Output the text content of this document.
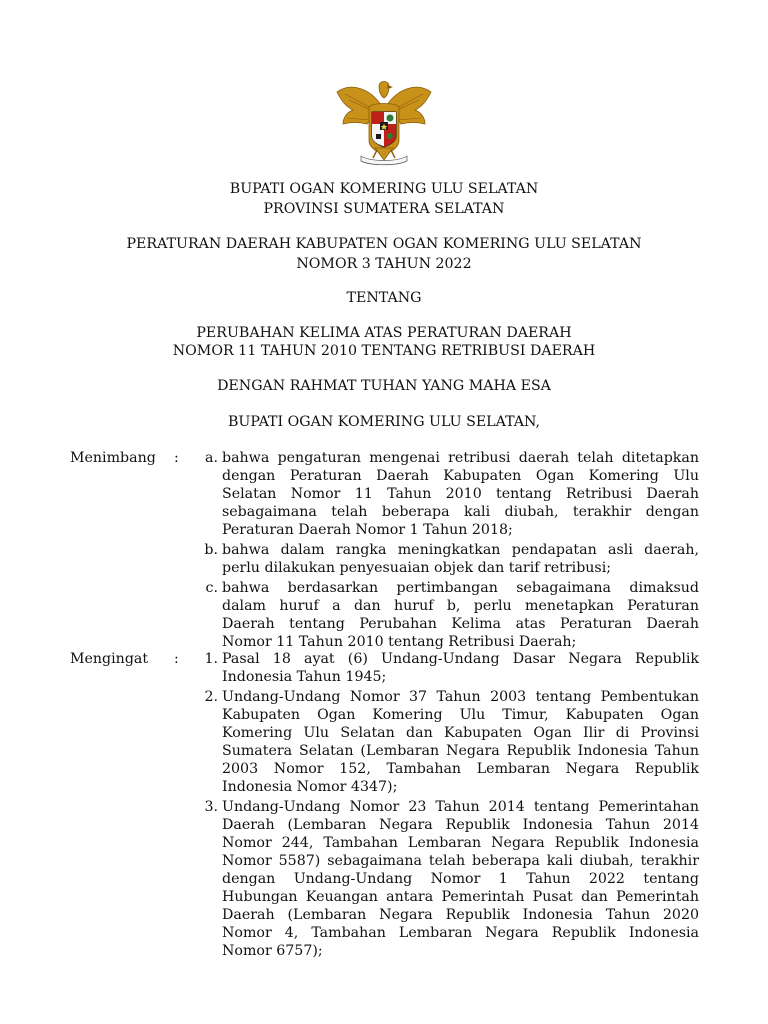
BUPATI OGAN KOMERING ULU SELATAN
PROVINSI SUMATERA SELATAN
PERATURAN DAERAH KABUPATEN OGAN KOMERING ULU SELATAN
NOMOR 3 TAHUN 2022
TENTANG
PERUBAHAN KELIMA ATAS PERATURAN DAERAH
NOMOR 11 TAHUN 2010 TENTANG RETRIBUSI DAERAH
DENGAN RAHMAT TUHAN YANG MAHA ESA
BUPATI OGAN KOMERING ULU SELATAN,
Menimbang :	a. bahwa pengaturan mengenai retribusi daerah telah ditetapkan
dengan Peraturan Daerah Kabupaten Ogan Komering Ulu
Selatan Nomor 11 Tahun 2010 tentang Retribusi Daerah
sebagaimana telah beberapa kali diubah, terakhir dengan
Peraturan Daerah Nomor 1 Tahun 2018;
b. bahwa dalam rangka meningkatkan pendapatan asli daerah,
perlu dilakukan penyesuaian objek dan tarif retribusi;
c. bahwa berdasarkan pertimbangan sebagaimana dimaksud
dalam huruf a dan huruf b, perlu menetapkan Peraturan
Daerah tentang Perubahan Kelima atas Peraturan Daerah
Nomor 11 Tahun 2010 tentang Retribusi Daerah;
Mengingat :	1. Pasal 18 ayat (6) Undang-Undang Dasar Negara Republik
Indonesia Tahun 1945;
2. Undang-Undang Nomor 37 Tahun 2003 tentang Pembentukan
Kabupaten Ogan Komering Ulu Timur, Kabupaten Ogan
Komering Ulu Selatan dan Kabupaten Ogan Ilir di Provinsi
Sumatera Selatan (Lembaran Negara Republik Indonesia Tahun
2003 Nomor 152, Tambahan Lembaran Negara Republik
Indonesia Nomor 4347);
3. Undang-Undang Nomor 23 Tahun 2014 tentang Pemerintahan
Daerah (Lembaran Negara Republik Indonesia Tahun 2014
Nomor 244, Tambahan Lembaran Negara Republik Indonesia
Nomor 5587) sebagaimana telah beberapa kali diubah, terakhir
dengan Undang-Undang Nomor 1 Tahun 2022 tentang
Hubungan Keuangan antara Pemerintah Pusat dan Pemerintah
Daerah (Lembaran Negara Republik Indonesia Tahun 2020
Nomor 4, Tambahan Lembaran Negara Republik Indonesia
Nomor 6757);
